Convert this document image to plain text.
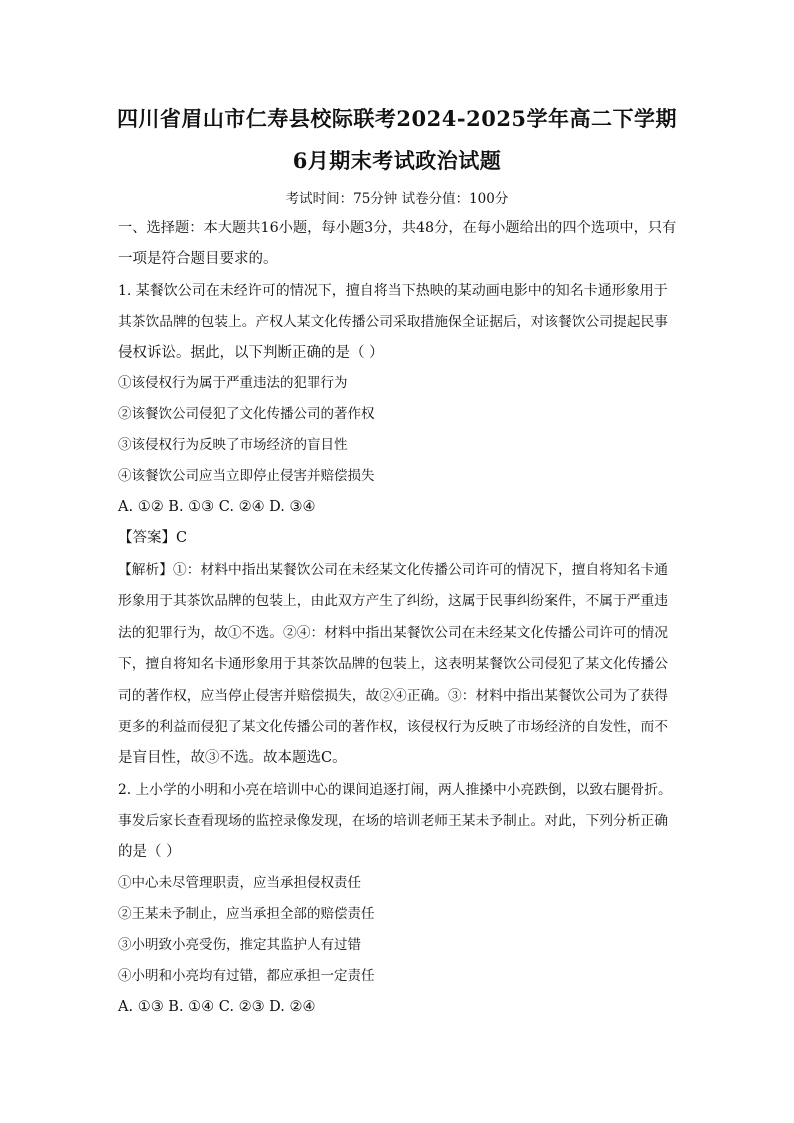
四川省眉山市仁寿县校际联考2024-2025学年高二下学期
6月期末考试政治试题
考试时间：75分钟 试卷分值：100分
一、选择题：本大题共16小题，每小题3分，共48分，在每小题给出的四个选项中，只有
一项是符合题目要求的。
1. 某餐饮公司在未经许可的情况下，擅自将当下热映的某动画电影中的知名卡通形象用于
其茶饮品牌的包装上。产权人某文化传播公司采取措施保全证据后，对该餐饮公司提起民事
侵权诉讼。据此，以下判断正确的是（ ）
①该侵权行为属于严重违法的犯罪行为
②该餐饮公司侵犯了文化传播公司的著作权
③该侵权行为反映了市场经济的盲目性
④该餐饮公司应当立即停止侵害并赔偿损失
A. ①② B. ①③ C. ②④ D. ③④
【答案】C
【解析】①：材料中指出某餐饮公司在未经某文化传播公司许可的情况下，擅自将知名卡通
形象用于其茶饮品牌的包装上，由此双方产生了纠纷，这属于民事纠纷案件，不属于严重违
法的犯罪行为，故①不选。②④：材料中指出某餐饮公司在未经某文化传播公司许可的情况
下，擅自将知名卡通形象用于其茶饮品牌的包装上，这表明某餐饮公司侵犯了某文化传播公
司的著作权，应当停止侵害并赔偿损失，故②④正确。③：材料中指出某餐饮公司为了获得
更多的利益而侵犯了某文化传播公司的著作权，该侵权行为反映了市场经济的自发性，而不
是盲目性，故③不选。故本题选C。
2. 上小学的小明和小亮在培训中心的课间追逐打闹，两人推搡中小亮跌倒，以致右腿骨折。
事发后家长查看现场的监控录像发现，在场的培训老师王某未予制止。对此，下列分析正确
的是（ ）
①中心未尽管理职责，应当承担侵权责任
②王某未予制止，应当承担全部的赔偿责任
③小明致小亮受伤，推定其监护人有过错
④小明和小亮均有过错，都应承担一定责任
A. ①③ B. ①④ C. ②③ D. ②④
